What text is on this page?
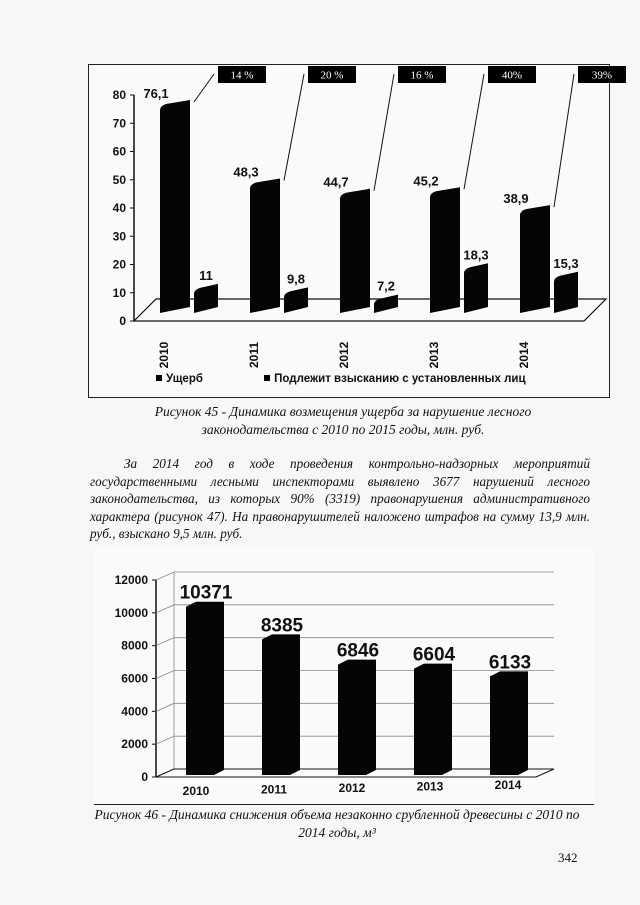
0
10
20
30
40
50
60
70
80 76,1
11
2010
14 %
48,3
9,8
2011
20 %
44,7
7,2
2012
16 %
45,2
18,3
2013
40%
38,9
15,3
2014
39%
Ущерб	Подлежит взысканию с установленных лиц
Рисунок 45 - Динамика возмещения ущерба за нарушение лесного законодательства с 2010 по 2015 годы, млн. руб.
За 2014 год в ходе проведения контрольно-надзорных мероприятий государственными лесными инспекторами выявлено 3677 нарушений лесного законодательства, из которых 90% (3319) правонарушения административного характера (рисунок 47). На правонарушителей наложено штрафов на сумму 13,9 млн. руб., взыскано 9,5 млн. руб.
0
2000
4000
6000
8000
10000
12000
10371
2010
8385
2011
6846
2012
6604
2013
6133
2014
Рисунок 46 - Динамика снижения объема незаконно срубленной древесины с 2010 по 2014 годы, м³
342
